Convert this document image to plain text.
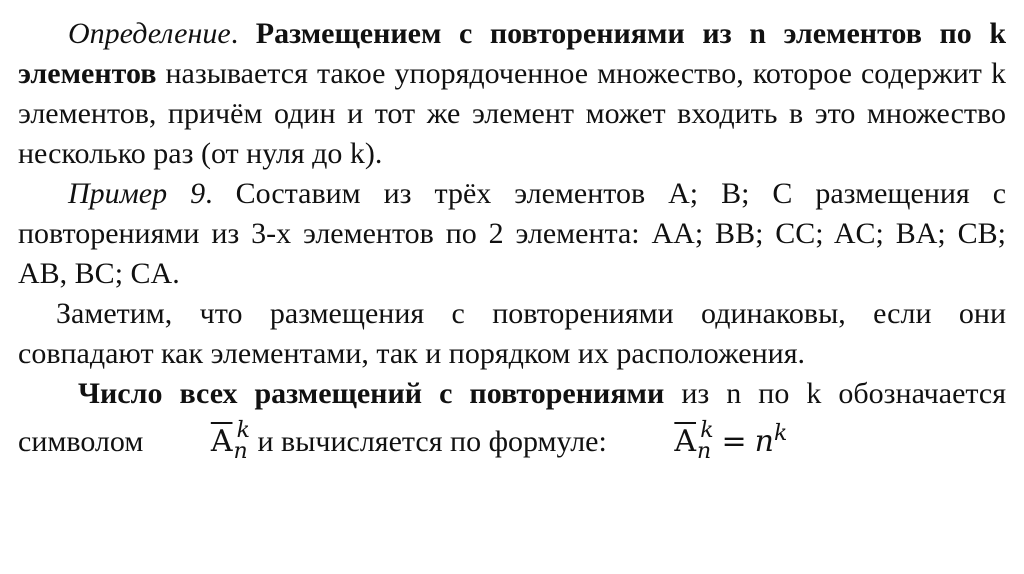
Определение. Размещением с повторениями из n элементов по k элементов называется такое упорядоченное множество, которое содержит k элементов, причём один и тот же элемент может входить в это множество несколько раз (от нуля до k).

Пример 9. Составим из трёх элементов A; B; C размещения с повторениями из 3-х элементов по 2 элемента: AA; BB; CC; AC; BA; CB; AB, BC; CA.

Заметим, что размещения с повторениями одинаковы, если они совпадают как элементами, так и порядком их расположения.

Число всех размещений с повторениями из n по k обозначается символом $\overline{A}_n^k$ и вычисляется по формуле: $\overline{A}_n^k = n^k$
